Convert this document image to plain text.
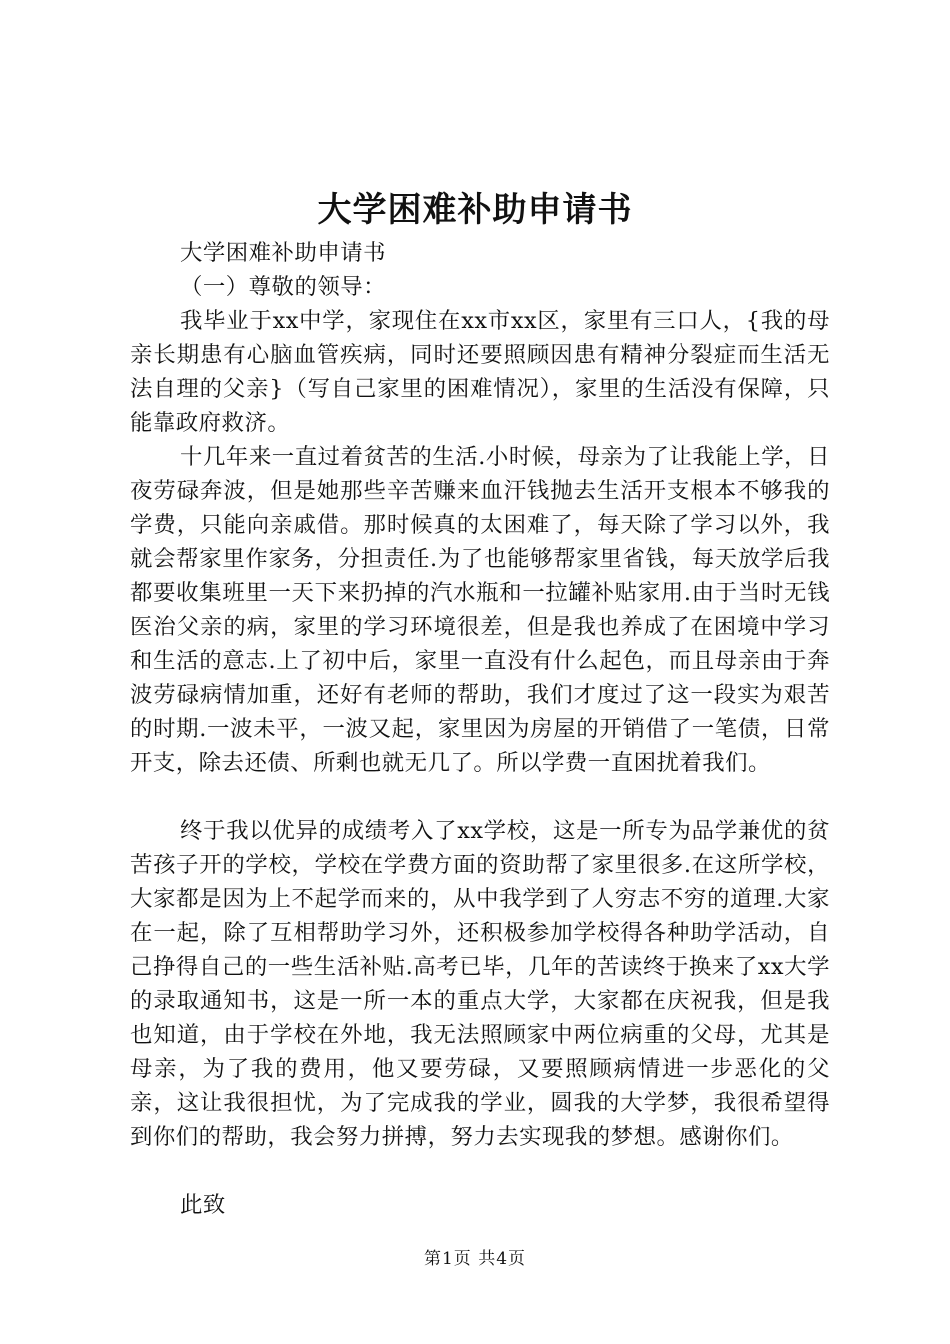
大学困难补助申请书

大学困难补助申请书

（一）尊敬的领导：

我毕业于xx中学，家现住在xx市xx区，家里有三口人，{我的母亲长期患有心脑血管疾病，同时还要照顾因患有精神分裂症而生活无法自理的父亲}（写自己家里的困难情况），家里的生活没有保障，只能靠政府救济。

十几年来一直过着贫苦的生活.小时候，母亲为了让我能上学，日夜劳碌奔波，但是她那些辛苦赚来血汗钱抛去生活开支根本不够我的学费，只能向亲戚借。那时候真的太困难了，每天除了学习以外，我就会帮家里作家务，分担责任.为了也能够帮家里省钱，每天放学后我都要收集班里一天下来扔掉的汽水瓶和一拉罐补贴家用.由于当时无钱医治父亲的病，家里的学习环境很差，但是我也养成了在困境中学习和生活的意志.上了初中后，家里一直没有什么起色，而且母亲由于奔波劳碌病情加重，还好有老师的帮助，我们才度过了这一段实为艰苦的时期.一波未平，一波又起，家里因为房屋的开销借了一笔债，日常开支，除去还债、所剩也就无几了。所以学费一直困扰着我们。

终于我以优异的成绩考入了xx学校，这是一所专为品学兼优的贫苦孩子开的学校，学校在学费方面的资助帮了家里很多.在这所学校，大家都是因为上不起学而来的，从中我学到了人穷志不穷的道理.大家在一起，除了互相帮助学习外，还积极参加学校得各种助学活动，自己挣得自己的一些生活补贴.高考已毕，几年的苦读终于换来了xx大学的录取通知书，这是一所一本的重点大学，大家都在庆祝我，但是我也知道，由于学校在外地，我无法照顾家中两位病重的父母，尤其是母亲，为了我的费用，他又要劳碌，又要照顾病情进一步恶化的父亲，这让我很担忧，为了完成我的学业，圆我的大学梦，我很希望得到你们的帮助，我会努力拼搏，努力去实现我的梦想。感谢你们。

此致

第1页 共4页
